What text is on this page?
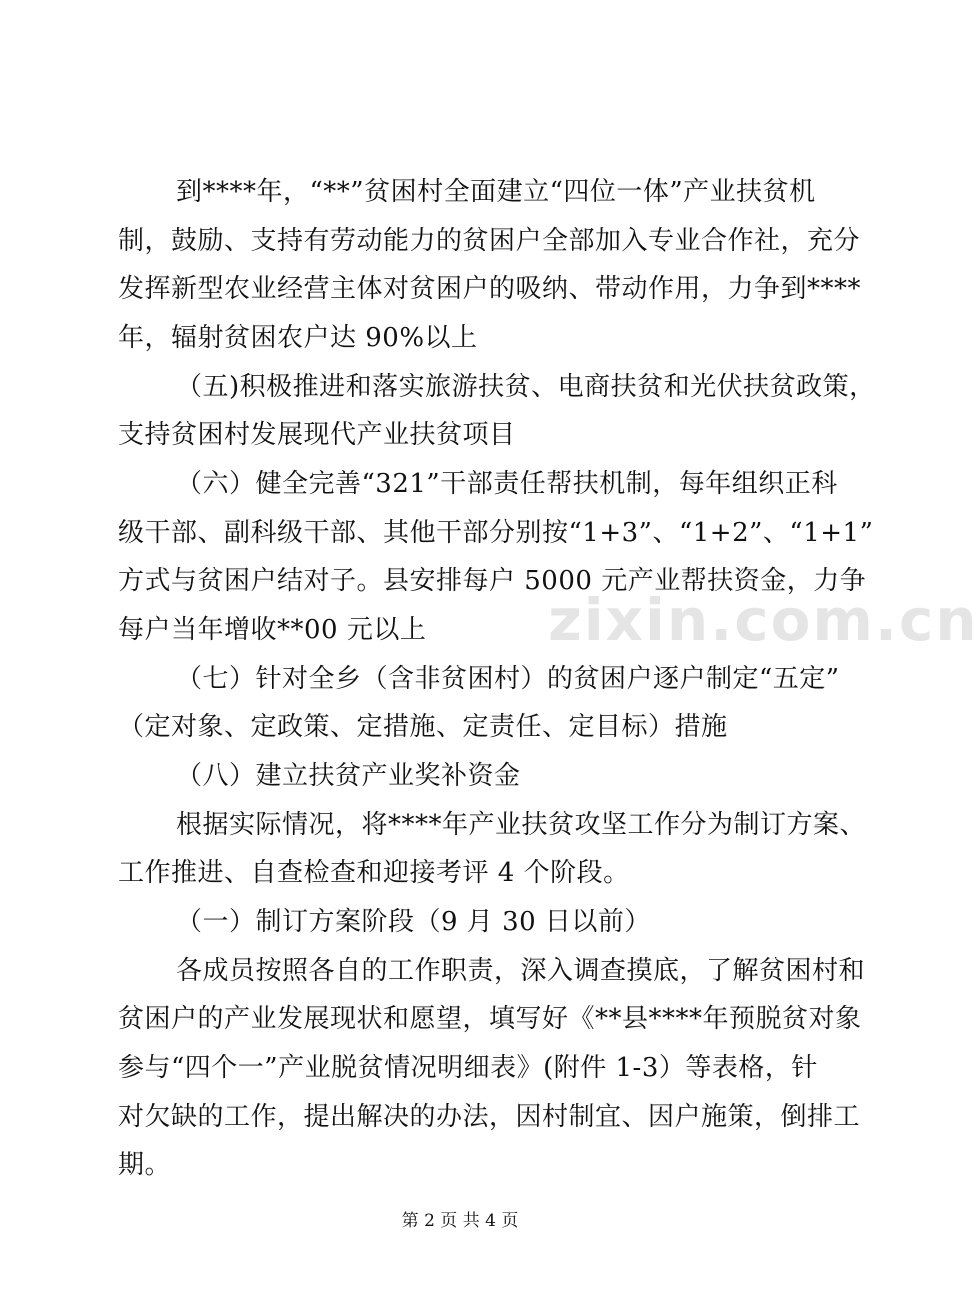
到****年，“**”贫困村全面建立“四位一体”产业扶贫机
制，鼓励、支持有劳动能力的贫困户全部加入专业合作社，充分
发挥新型农业经营主体对贫困户的吸纳、带动作用，力争到****
年，辐射贫困农户达 90%以上
（五)积极推进和落实旅游扶贫、电商扶贫和光伏扶贫政策，
支持贫困村发展现代产业扶贫项目
（六）健全完善“321”干部责任帮扶机制，每年组织正科
级干部、副科级干部、其他干部分别按“1+3”、“1+2”、“1+1”
方式与贫困户结对子。县安排每户 5000 元产业帮扶资金，力争
每户当年增收**00 元以上
（七）针对全乡（含非贫困村）的贫困户逐户制定“五定”
（定对象、定政策、定措施、定责任、定目标）措施
（八）建立扶贫产业奖补资金
根据实际情况，将****年产业扶贫攻坚工作分为制订方案、
工作推进、自查检查和迎接考评 4 个阶段。
（一）制订方案阶段（9 月 30 日以前）
各成员按照各自的工作职责，深入调查摸底，了解贫困村和
贫困户的产业发展现状和愿望，填写好《**县****年预脱贫对象
参与“四个一”产业脱贫情况明细表》(附件 1-3）等表格，针
对欠缺的工作，提出解决的办法，因村制宜、因户施策，倒排工
期。
zixin.com.cn
第 2 页 共 4 页
